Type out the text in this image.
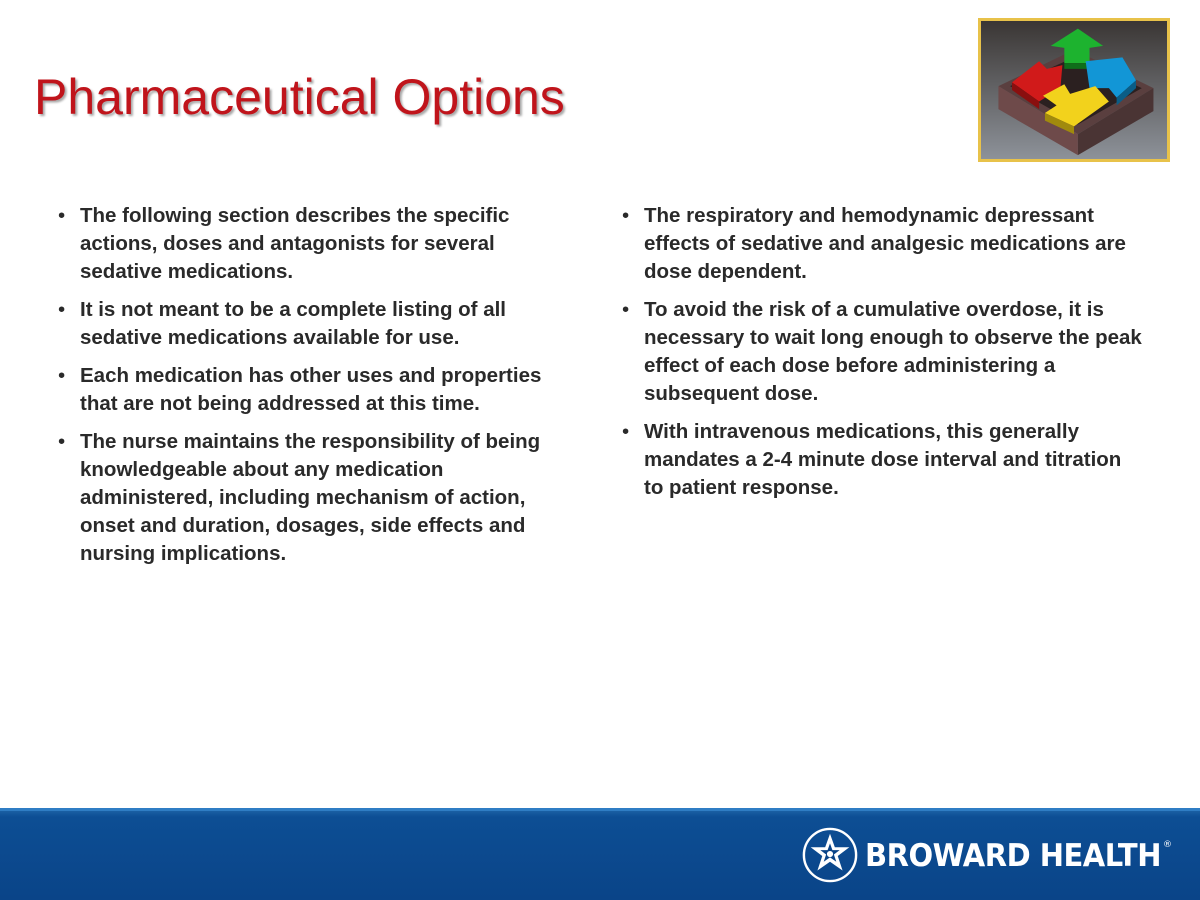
Pharmaceutical Options
• The following section describes the specific actions, doses and antagonists for several sedative medications.
• It is not meant to be a complete listing of all sedative medications available for use.
• Each medication has other uses and properties that are not being addressed at this time.
• The nurse maintains the responsibility of being knowledgeable about any medication administered, including mechanism of action, onset and duration, dosages, side effects and nursing implications.
• The respiratory and hemodynamic depressant effects of sedative and analgesic medications are dose dependent.
• To avoid the risk of a cumulative overdose, it is necessary to wait long enough to observe the peak effect of each dose before administering a subsequent dose.
• With intravenous medications, this generally mandates a 2-4 minute dose interval and titration to patient response.
BROWARD HEALTH ®
